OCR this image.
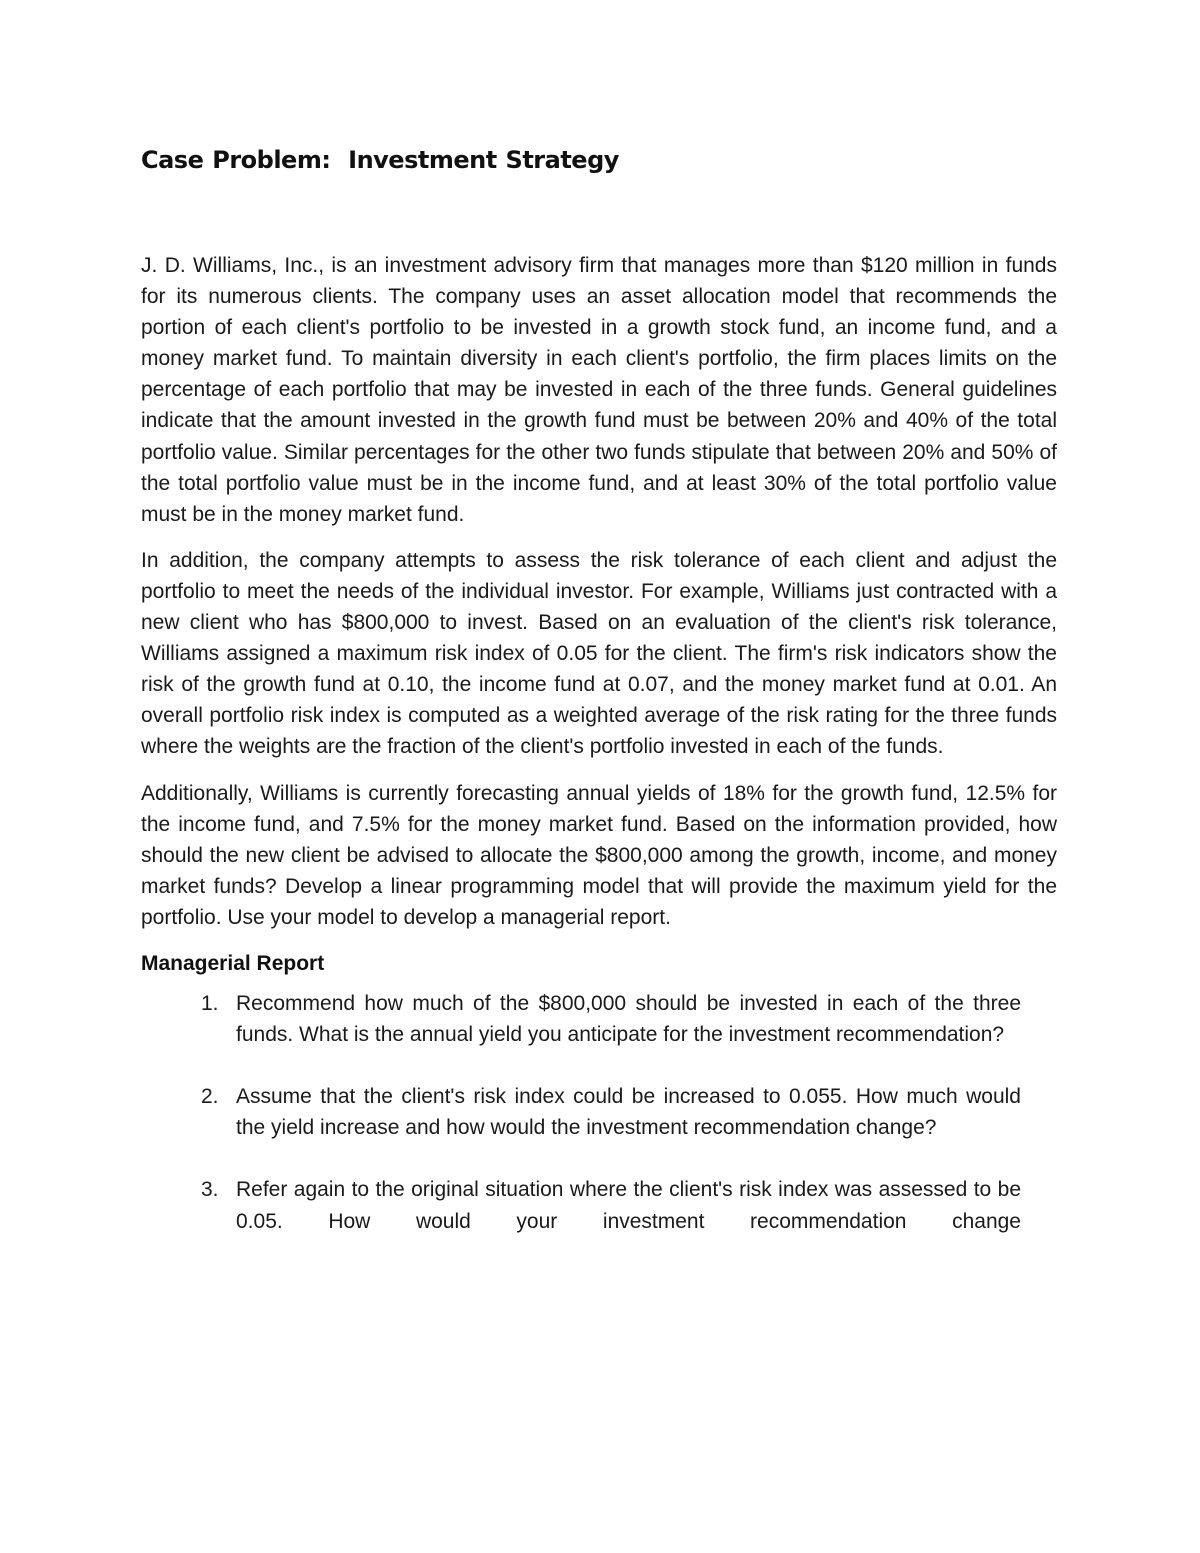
Case Problem:  Investment Strategy

J. D. Williams, Inc., is an investment advisory firm that manages more than $120 million in funds for its numerous clients. The company uses an asset allocation model that recommends the portion of each client's portfolio to be invested in a growth stock fund, an income fund, and a money market fund. To maintain diversity in each client's portfolio, the firm places limits on the percentage of each portfolio that may be invested in each of the three funds. General guidelines indicate that the amount invested in the growth fund must be between 20% and 40% of the total portfolio value. Similar percentages for the other two funds stipulate that between 20% and 50% of the total portfolio value must be in the income fund, and at least 30% of the total portfolio value must be in the money market fund.

In addition, the company attempts to assess the risk tolerance of each client and adjust the portfolio to meet the needs of the individual investor. For example, Williams just contracted with a new client who has $800,000 to invest. Based on an evaluation of the client's risk tolerance, Williams assigned a maximum risk index of 0.05 for the client. The firm's risk indicators show the risk of the growth fund at 0.10, the income fund at 0.07, and the money market fund at 0.01. An overall portfolio risk index is computed as a weighted average of the risk rating for the three funds where the weights are the fraction of the client's portfolio invested in each of the funds.

Additionally, Williams is currently forecasting annual yields of 18% for the growth fund, 12.5% for the income fund, and 7.5% for the money market fund. Based on the information provided, how should the new client be advised to allocate the $800,000 among the growth, income, and money market funds? Develop a linear programming model that will provide the maximum yield for the portfolio. Use your model to develop a managerial report.

Managerial Report
1. Recommend how much of the $800,000 should be invested in each of the three funds. What is the annual yield you anticipate for the investment recommendation?
2. Assume that the client's risk index could be increased to 0.055. How much would the yield increase and how would the investment recommendation change?
3. Refer again to the original situation where the client's risk index was assessed to be 0.05. How would your investment recommendation change
